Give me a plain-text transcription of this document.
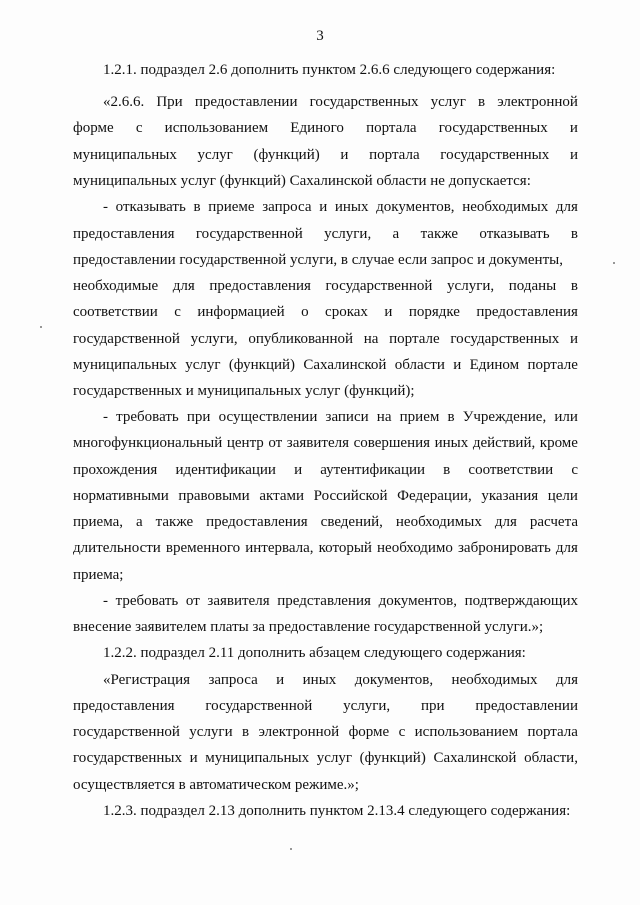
3
1.2.1. подраздел 2.6 дополнить пунктом 2.6.6 следующего содержания:
«2.6.6. При предоставлении государственных услуг в электронной
форме с использованием Единого портала государственных и
муниципальных услуг (функций) и портала государственных и
муниципальных услуг (функций) Сахалинской области не допускается:
- отказывать в приеме запроса и иных документов, необходимых для
предоставления государственной услуги, а также отказывать в
предоставлении государственной услуги, в случае если запрос и документы,
необходимые для предоставления государственной услуги, поданы в
соответствии с информацией о сроках и порядке предоставления
государственной услуги, опубликованной на портале государственных и
муниципальных услуг (функций) Сахалинской области и Едином портале
государственных и муниципальных услуг (функций);
- требовать при осуществлении записи на прием в Учреждение, или
многофункциональный центр от заявителя совершения иных действий, кроме
прохождения идентификации и аутентификации в соответствии с
нормативными правовыми актами Российской Федерации, указания цели
приема, а также предоставления сведений, необходимых для расчета
длительности временного интервала, который необходимо забронировать для
приема;
- требовать от заявителя представления документов, подтверждающих
внесение заявителем платы за предоставление государственной услуги.»;
1.2.2. подраздел 2.11 дополнить абзацем следующего содержания:
«Регистрация запроса и иных документов, необходимых для
предоставления государственной услуги, при предоставлении
государственной услуги в электронной форме с использованием портала
государственных и муниципальных услуг (функций) Сахалинской области,
осуществляется в автоматическом режиме.»;
1.2.3. подраздел 2.13 дополнить пунктом 2.13.4 следующего содержания:
